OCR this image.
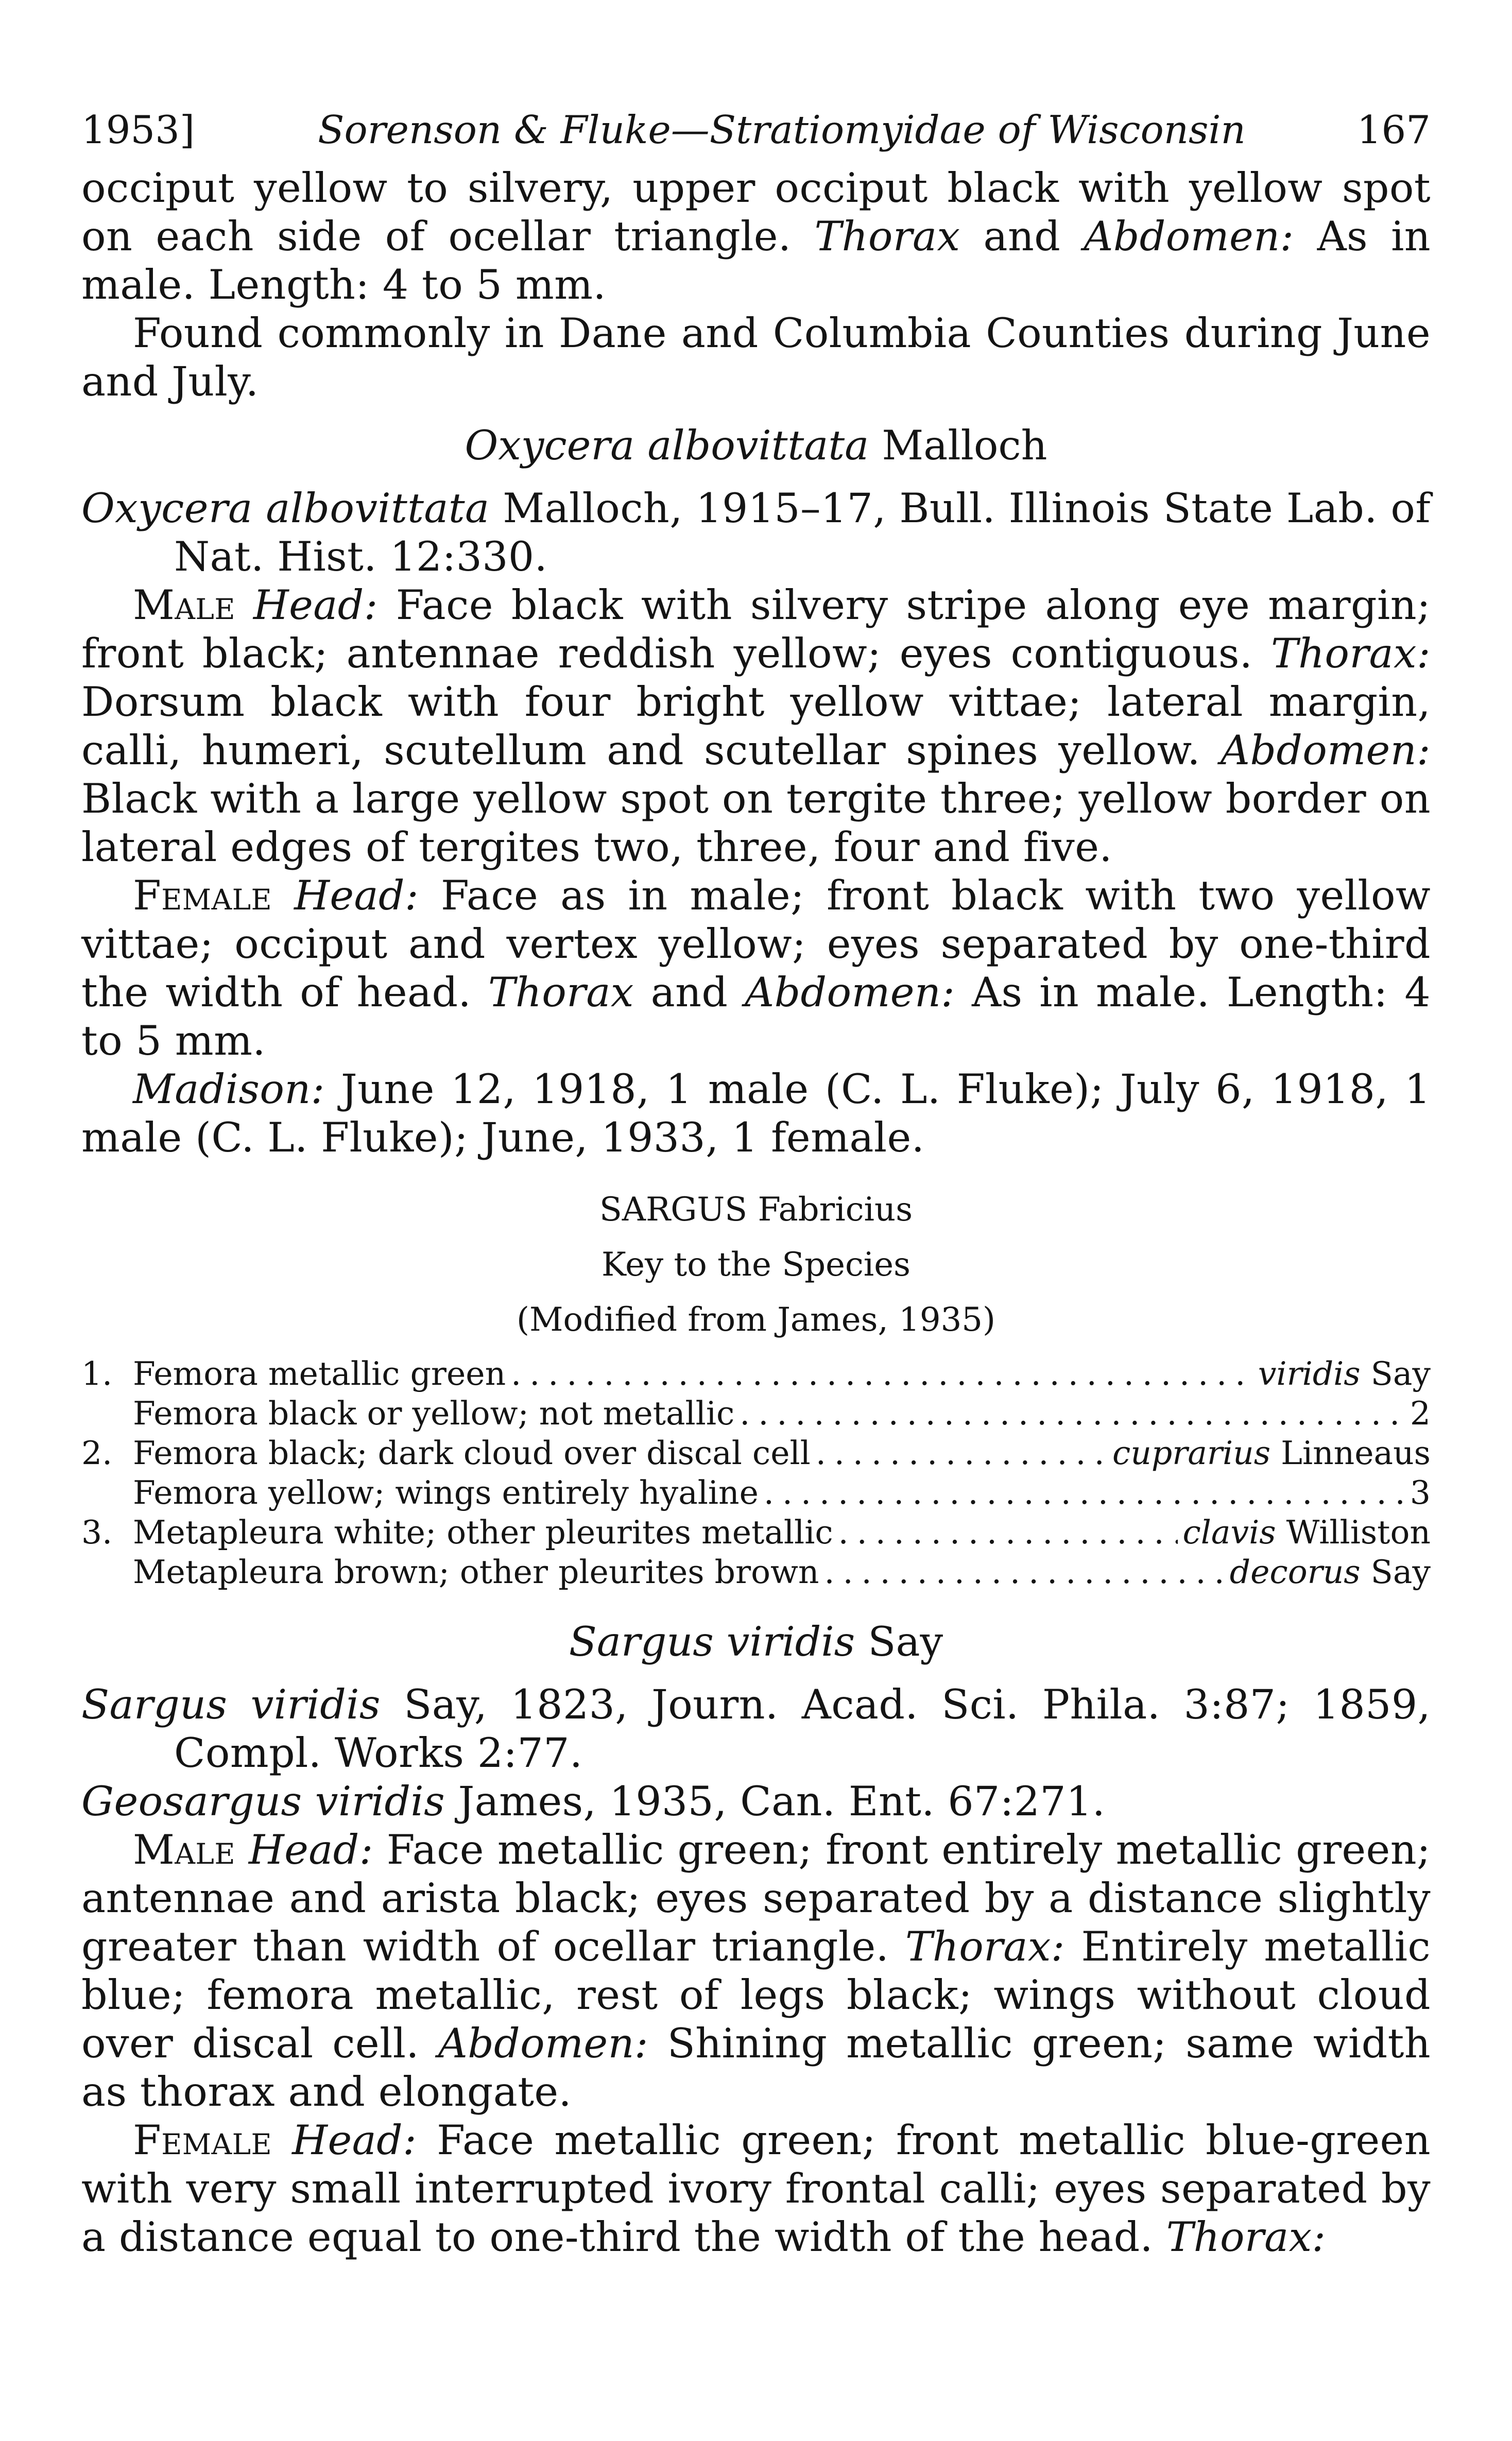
1953]	Sorenson & Fluke—Stratiomyidae of Wisconsin	167

occiput yellow to silvery, upper occiput black with yellow spot on each side of ocellar triangle. Thorax and Abdomen: As in male. Length: 4 to 5 mm.

Found commonly in Dane and Columbia Counties during June and July.

Oxycera albovittata Malloch

Oxycera albovittata Malloch, 1915–17, Bull. Illinois State Lab. of Nat. Hist. 12:330.

Male Head: Face black with silvery stripe along eye margin; front black; antennae reddish yellow; eyes contiguous. Thorax: Dorsum black with four bright yellow vittae; lateral margin, calli, humeri, scutellum and scutellar spines yellow. Abdomen: Black with a large yellow spot on tergite three; yellow border on lateral edges of tergites two, three, four and five.

Female Head: Face as in male; front black with two yellow vittae; occiput and vertex yellow; eyes separated by one-third the width of head. Thorax and Abdomen: As in male. Length: 4 to 5 mm.

Madison: June 12, 1918, 1 male (C. L. Fluke); July 6, 1918, 1 male (C. L. Fluke); June, 1933, 1 female.

SARGUS Fabricius
Key to the Species
(Modified from James, 1935)
1. Femora metallic green . . .	viridis Say
Femora black or yellow; not metallic . . .	2
2. Femora black; dark cloud over discal cell . . .	cuprarius Linneaus
Femora yellow; wings entirely hyaline . . .	3
3. Metapleura white; other pleurites metallic . . .	clavis Williston
Metapleura brown; other pleurites brown . . .	decorus Say
Sargus viridis Say

Sargus viridis Say, 1823, Journ. Acad. Sci. Phila. 3:87; 1859, Compl. Works 2:77.

Geosargus viridis James, 1935, Can. Ent. 67:271.

Male Head: Face metallic green; front entirely metallic green; antennae and arista black; eyes separated by a distance slightly greater than width of ocellar triangle. Thorax: Entirely metallic blue; femora metallic, rest of legs black; wings without cloud over discal cell. Abdomen: Shining metallic green; same width as thorax and elongate.

Female Head: Face metallic green; front metallic blue-green with very small interrupted ivory frontal calli; eyes separated by a distance equal to one-third the width of the head. Thorax:
